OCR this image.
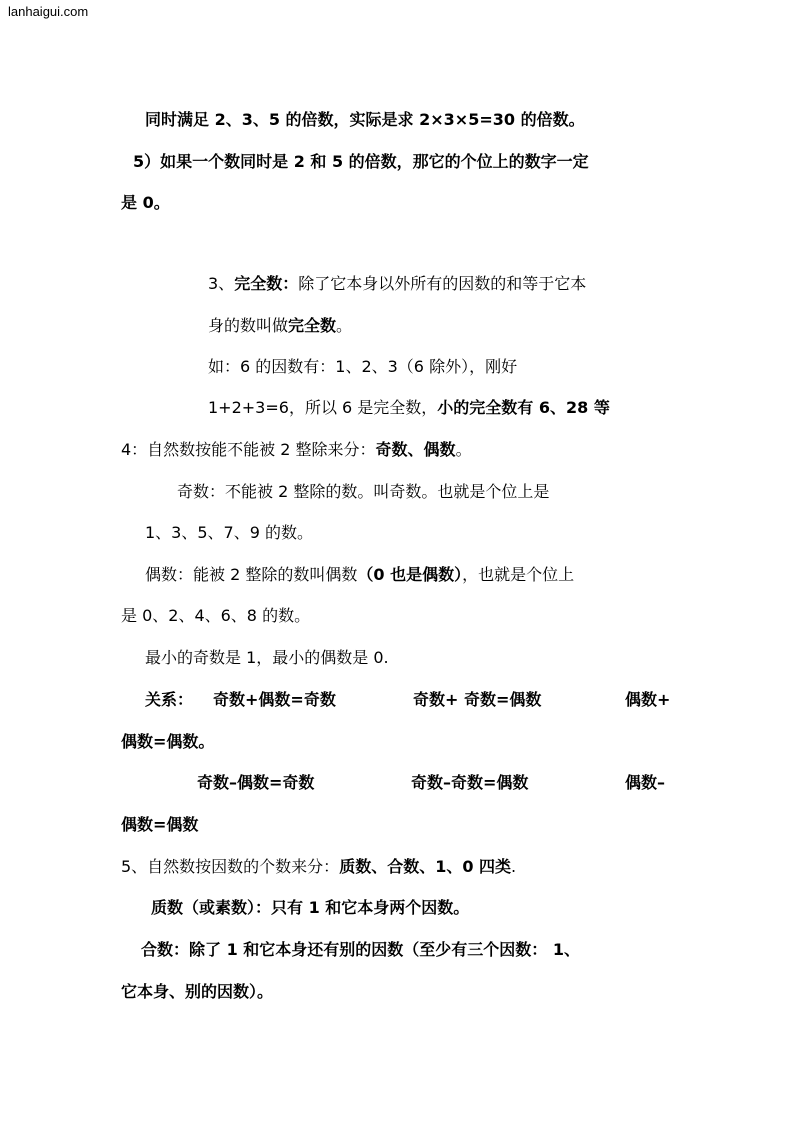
lanhaigui.com
同时满足 2、3、5 的倍数，实际是求 2×3×5=30 的倍数。
5）如果一个数同时是 2 和 5 的倍数，那它的个位上的数字一定
是 0。
3、完全数：除了它本身以外所有的因数的和等于它本
身的数叫做完全数。
如：6 的因数有：1、2、3（6 除外），刚好
1+2+3=6，所以 6 是完全数，小的完全数有 6、28 等
4：自然数按能不能被 2 整除来分：奇数、偶数。
奇数：不能被 2 整除的数。叫奇数。也就是个位上是
1、3、5、7、9 的数。
偶数：能被 2 整除的数叫偶数（0 也是偶数），也就是个位上
是 0、2、4、6、8 的数。
最小的奇数是 1，最小的偶数是 0.
关系： 奇数+偶数=奇数	奇数+ 奇数=偶数	偶数+
偶数=偶数。
奇数–偶数=奇数	奇数–奇数=偶数	偶数–
偶数=偶数
5、自然数按因数的个数来分：质数、合数、1、0 四类.
质数（或素数）：只有 1 和它本身两个因数。
合数：除了 1 和它本身还有别的因数（至少有三个因数： 1、
它本身、别的因数）。
